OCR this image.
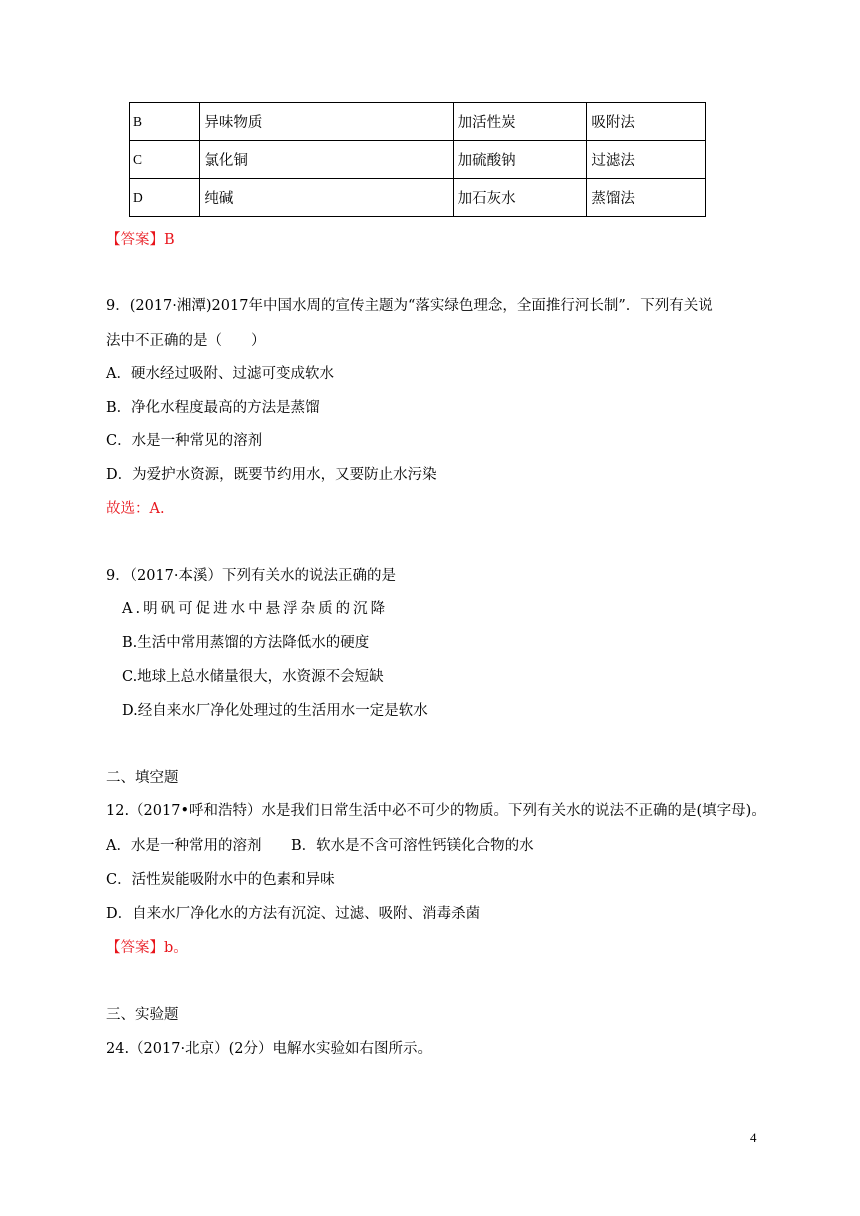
B	异味物质	加活性炭	吸附法
C	氯化铜	加硫酸钠	过滤法
D	纯碱	加石灰水	蒸馏法
【答案】B
9．(2017·湘潭)2017年中国水周的宣传主题为“落实绿色理念，全面推行河长制”．下列有关说
法中不正确的是（　　）
A．硬水经过吸附、过滤可变成软水
B．净化水程度最高的方法是蒸馏
C．水是一种常见的溶剂
D．为爱护水资源，既要节约用水，又要防止水污染
故选：A.
9．（2017·本溪）下列有关水的说法正确的是
A.明矾可促进水中悬浮杂质的沉降
B.生活中常用蒸馏的方法降低水的硬度
C.地球上总水储量很大，水资源不会短缺
D.经自来水厂净化处理过的生活用水一定是软水
二、填空题
12.（2017•呼和浩特）水是我们日常生活中必不可少的物质。下列有关水的说法不正确的是(填字母)。
A．水是一种常用的溶剂 B．软水是不含可溶性钙镁化合物的水
C．活性炭能吸附水中的色素和异味
D．自来水厂净化水的方法有沉淀、过滤、吸附、消毒杀菌
【答案】b。
三、实验题
24.（2017·北京）(2分）电解水实验如右图所示。
4
